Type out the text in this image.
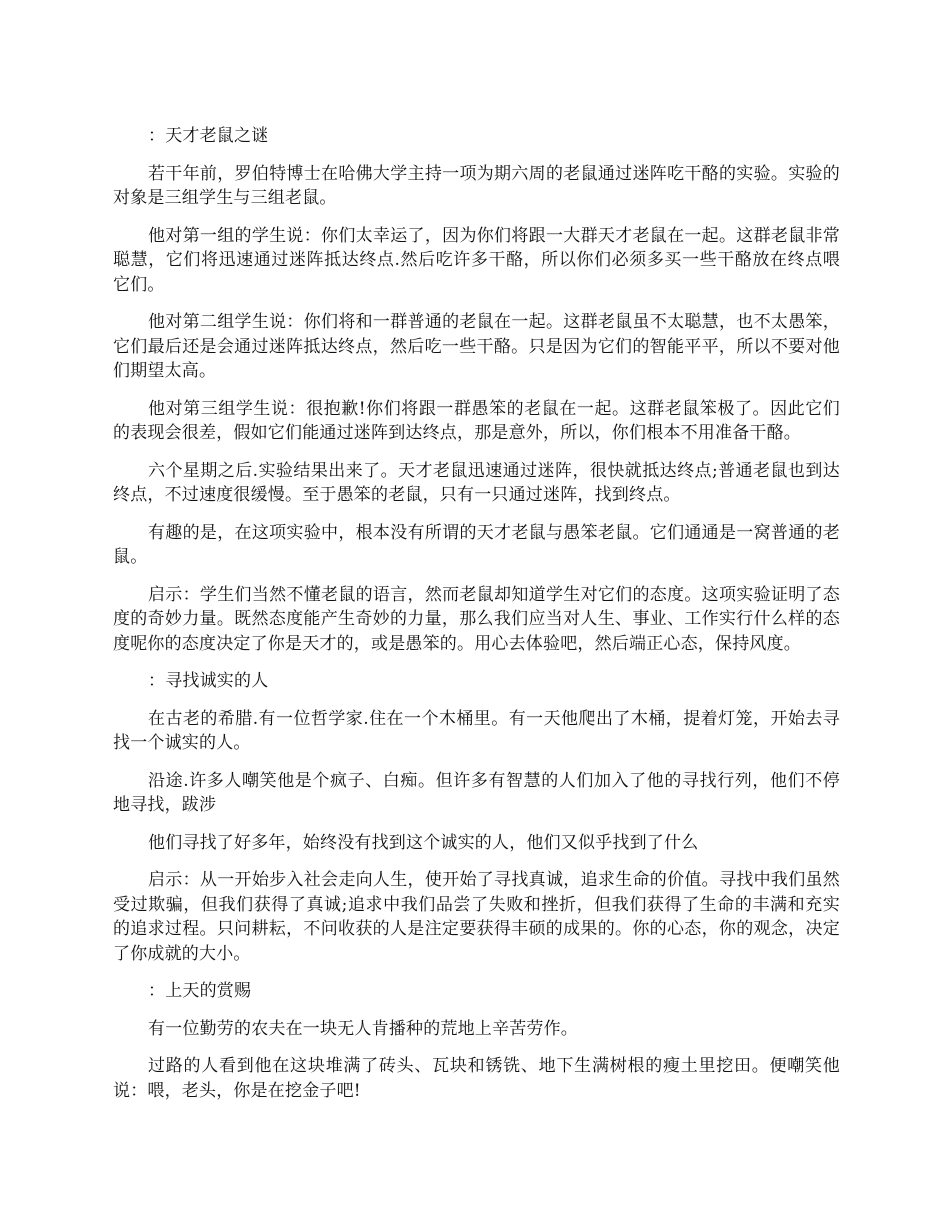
：天才老鼠之谜

若干年前，罗伯特博士在哈佛大学主持一项为期六周的老鼠通过迷阵吃干酪的实验。实验的对象是三组学生与三组老鼠。

他对第一组的学生说：你们太幸运了，因为你们将跟一大群天才老鼠在一起。这群老鼠非常聪慧，它们将迅速通过迷阵抵达终点.然后吃许多干酪，所以你们必须多买一些干酪放在终点喂它们。

他对第二组学生说：你们将和一群普通的老鼠在一起。这群老鼠虽不太聪慧，也不太愚笨，它们最后还是会通过迷阵抵达终点，然后吃一些干酪。只是因为它们的智能平平，所以不要对他们期望太高。

他对第三组学生说：很抱歉!你们将跟一群愚笨的老鼠在一起。这群老鼠笨极了。因此它们的表现会很差，假如它们能通过迷阵到达终点，那是意外，所以，你们根本不用准备干酪。

六个星期之后.实验结果出来了。天才老鼠迅速通过迷阵，很快就抵达终点;普通老鼠也到达终点，不过速度很缓慢。至于愚笨的老鼠，只有一只通过迷阵，找到终点。

有趣的是，在这项实验中，根本没有所谓的天才老鼠与愚笨老鼠。它们通通是一窝普通的老鼠。

启示：学生们当然不懂老鼠的语言，然而老鼠却知道学生对它们的态度。这项实验证明了态度的奇妙力量。既然态度能产生奇妙的力量，那么我们应当对人生、事业、工作实行什么样的态度呢你的态度决定了你是天才的，或是愚笨的。用心去体验吧，然后端正心态，保持风度。

：寻找诚实的人

在古老的希腊.有一位哲学家.住在一个木桶里。有一天他爬出了木桶，提着灯笼，开始去寻找一个诚实的人。

沿途.许多人嘲笑他是个疯子、白痴。但许多有智慧的人们加入了他的寻找行列，他们不停地寻找，跋涉

他们寻找了好多年，始终没有找到这个诚实的人，他们又似乎找到了什么

启示：从一开始步入社会走向人生，使开始了寻找真诚，追求生命的价值。寻找中我们虽然受过欺骗，但我们获得了真诚;追求中我们品尝了失败和挫折，但我们获得了生命的丰满和充实的追求过程。只问耕耘，不问收获的人是注定要获得丰硕的成果的。你的心态，你的观念，决定了你成就的大小。

：上天的赏赐

有一位勤劳的农夫在一块无人肯播种的荒地上辛苦劳作。

过路的人看到他在这块堆满了砖头、瓦块和锈铣、地下生满树根的瘦土里挖田。便嘲笑他说：喂，老头，你是在挖金子吧!
